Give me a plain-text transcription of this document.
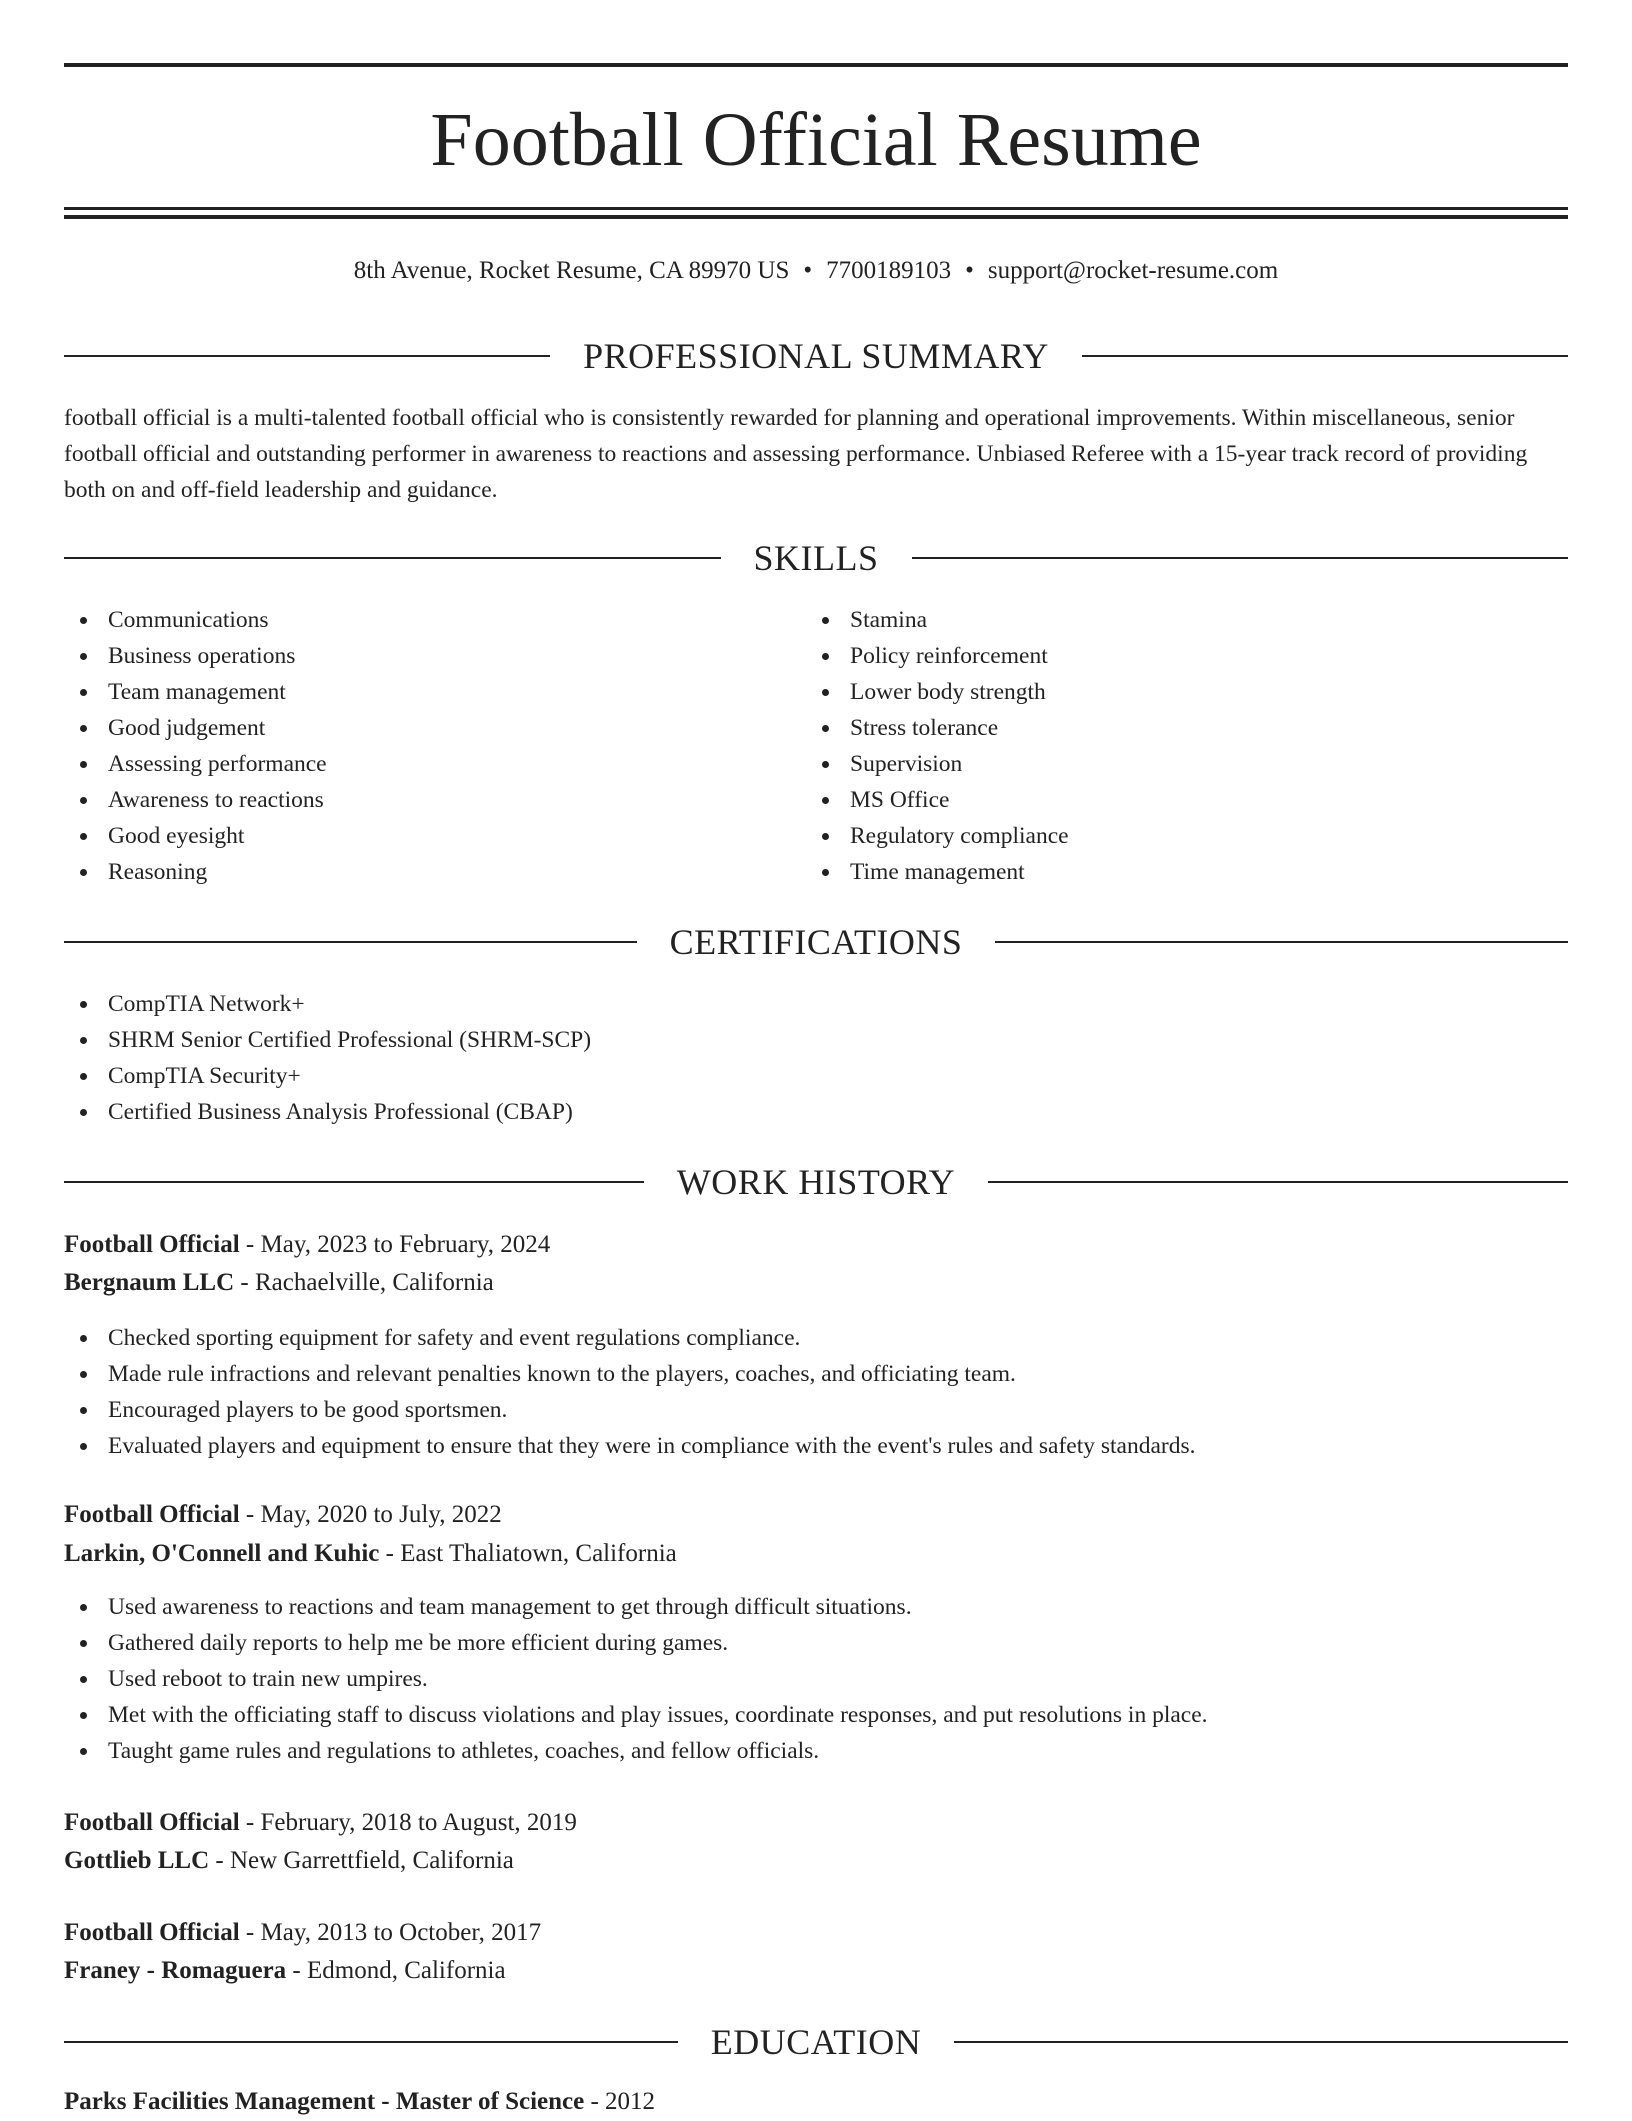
Football Official Resume
8th Avenue, Rocket Resume, CA 89970 US • 7700189103 • support@rocket-resume.com
PROFESSIONAL SUMMARY

football official is a multi-talented football official who is consistently rewarded for planning and operational improvements. Within miscellaneous, senior football official and outstanding performer in awareness to reactions and assessing performance. Unbiased Referee with a 15-year track record of providing both on and off-field leadership and guidance.

SKILLS
Communications
Business operations
Team management
Good judgement
Assessing performance
Awareness to reactions
Good eyesight
Reasoning
Stamina
Policy reinforcement
Lower body strength
Stress tolerance
Supervision
MS Office
Regulatory compliance
Time management
CERTIFICATIONS
CompTIA Network+
SHRM Senior Certified Professional (SHRM-SCP)
CompTIA Security+
Certified Business Analysis Professional (CBAP)
WORK HISTORY
Football Official - May, 2023 to February, 2024
Bergnaum LLC - Rachaelville, California
Checked sporting equipment for safety and event regulations compliance.
Made rule infractions and relevant penalties known to the players, coaches, and officiating team.
Encouraged players to be good sportsmen.
Evaluated players and equipment to ensure that they were in compliance with the event's rules and safety standards.
Football Official - May, 2020 to July, 2022
Larkin, O'Connell and Kuhic - East Thaliatown, California
Used awareness to reactions and team management to get through difficult situations.
Gathered daily reports to help me be more efficient during games.
Used reboot to train new umpires.
Met with the officiating staff to discuss violations and play issues, coordinate responses, and put resolutions in place.
Taught game rules and regulations to athletes, coaches, and fellow officials.
Football Official - February, 2018 to August, 2019
Gottlieb LLC - New Garrettfield, California
Football Official - May, 2013 to October, 2017
Franey - Romaguera - Edmond, California
EDUCATION
Parks Facilities Management - Master of Science - 2012
